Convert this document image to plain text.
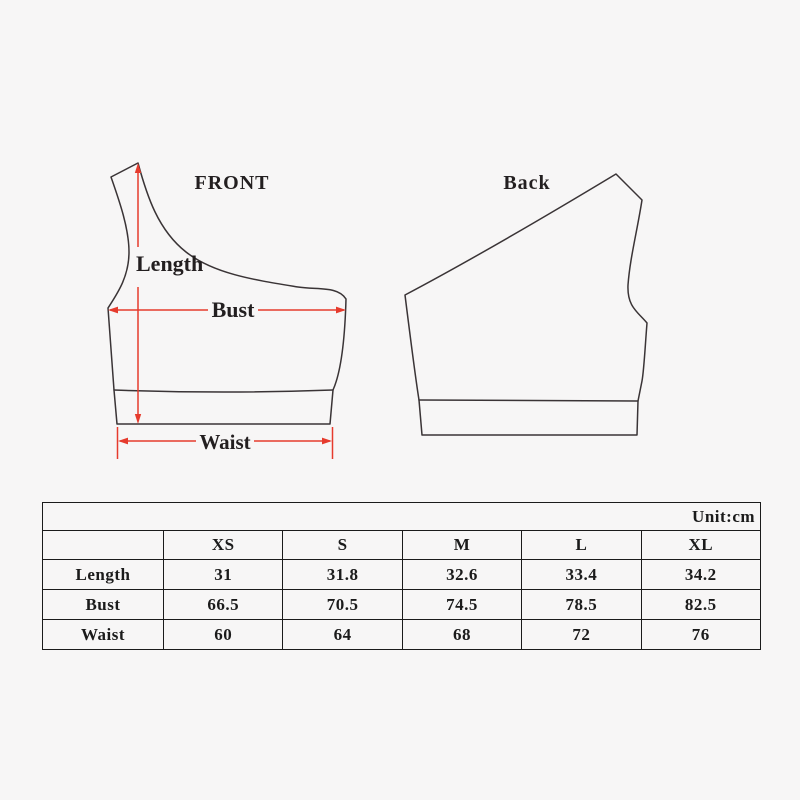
FRONT
Length
Bust
Waist
Back
Unit:cm					
	XS	S	M	L	XL
Length	31	31.8	32.6	33.4	34.2
Bust	66.5	70.5	74.5	78.5	82.5
Waist	60	64	68	72	76
